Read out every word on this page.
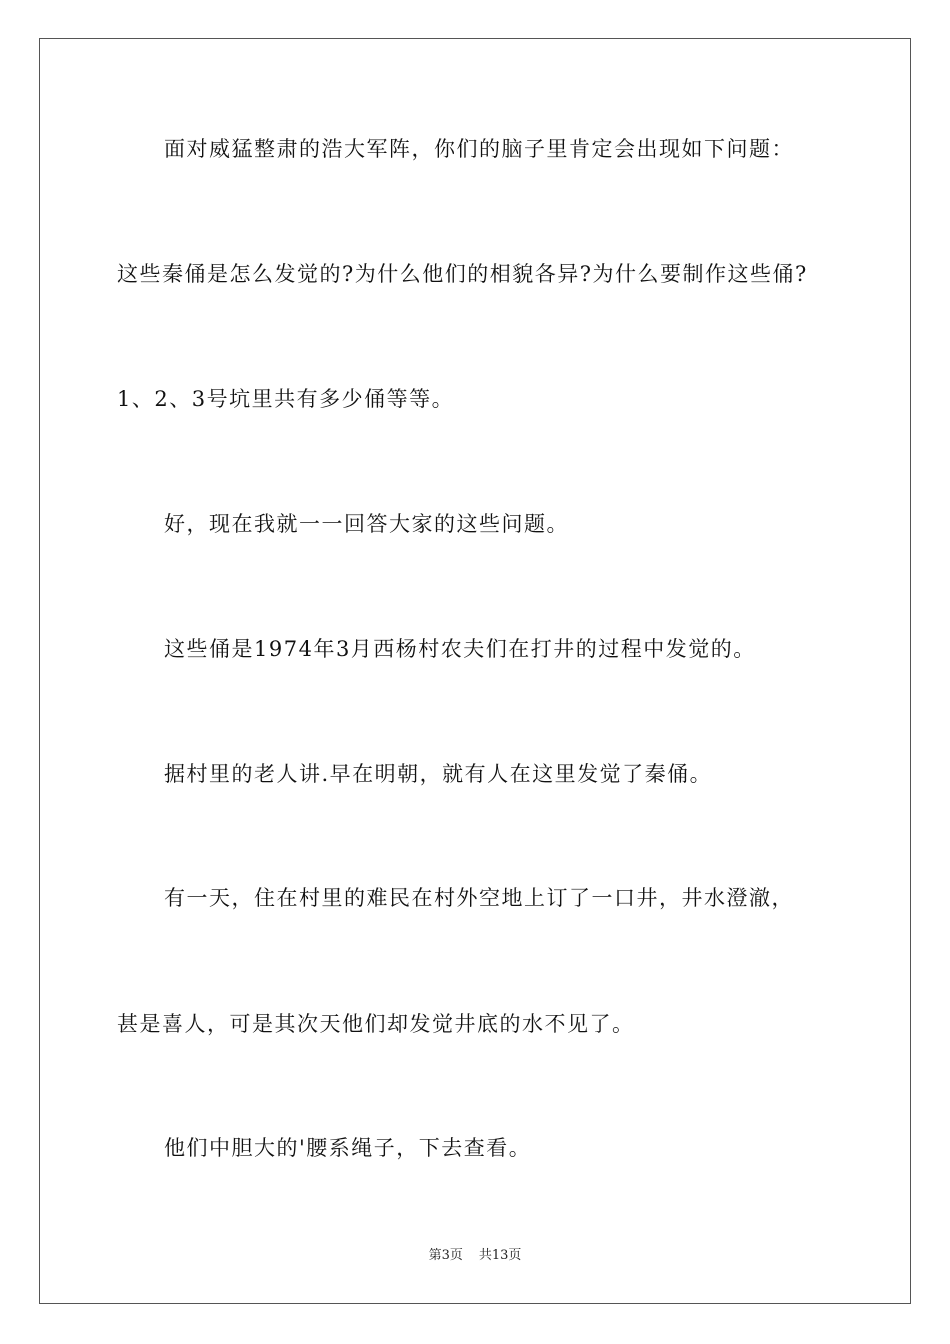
面对威猛整肃的浩大军阵，你们的脑子里肯定会出现如下问题：
这些秦俑是怎么发觉的?为什么他们的相貌各异?为什么要制作这些俑?
1、2、3号坑里共有多少俑等等。
好，现在我就一一回答大家的这些问题。
这些俑是1974年3月西杨村农夫们在打井的过程中发觉的。
据村里的老人讲.早在明朝，就有人在这里发觉了秦俑。
有一天，住在村里的难民在村外空地上订了一口井，井水澄澈，
甚是喜人，可是其次天他们却发觉井底的水不见了。
他们中胆大的'腰系绳子，下去查看。
第3页 共13页
